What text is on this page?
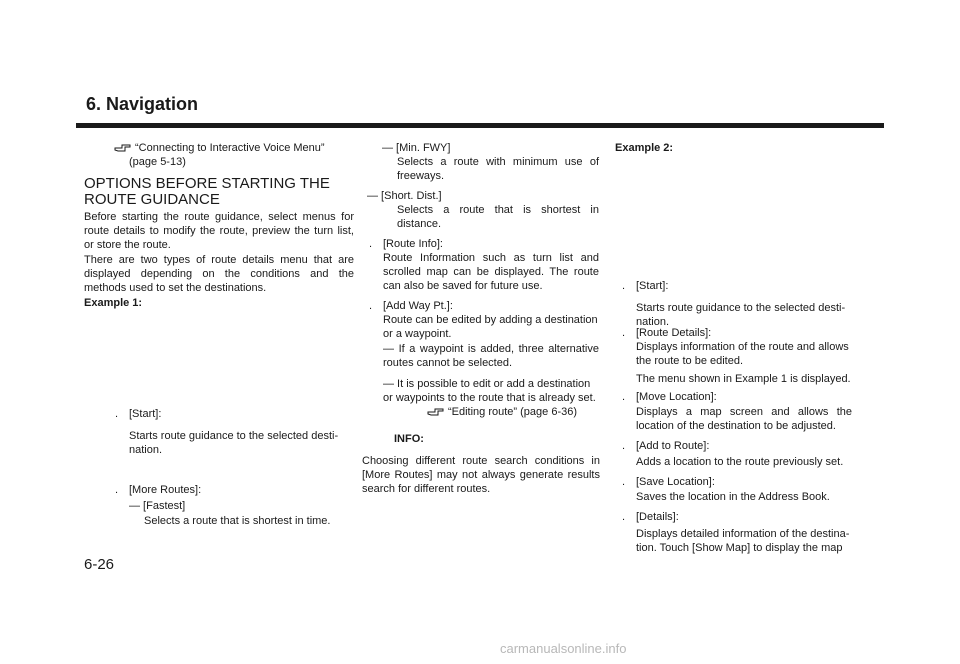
6. Navigation
“Connecting to Interactive Voice Menu”
(page 5-13)
OPTIONS BEFORE STARTING THE
ROUTE GUIDANCE

Before starting the route guidance, select menus for route details to modify the route, preview the turn list, or store the route.

There are two types of route details menu that are displayed depending on the conditions and the methods used to set the destinations.

Example 1:
. [Start]:
Starts route guidance to the selected desti-nation.
. [More Routes]:
— [Fastest]
Selects a route that is shortest in time.
— [Min. FWY]
Selects a route with minimum use of freeways.
— [Short. Dist.]
Selects a route that is shortest in distance.
. [Route Info]:
Route Information such as turn list and scrolled map can be displayed. The route can also be saved for future use.
. [Add Way Pt.]:
Route can be edited by adding a destination or a waypoint.
— If a waypoint is added, three alternative routes cannot be selected.
— It is possible to edit or add a destination or waypoints to the route that is already set.
“Editing route” (page 6-36)
INFO:

Choosing different route search conditions in [More Routes] may not always generate results search for different routes.

Example 2:
. [Start]:
Starts route guidance to the selected desti-nation.
. [Route Details]:
Displays information of the route and allows the route to be edited.
The menu shown in Example 1 is displayed.
. [Move Location]:
Displays a map screen and allows the location of the destination to be adjusted.
. [Add to Route]:
Adds a location to the route previously set.
. [Save Location]:
Saves the location in the Address Book.
. [Details]:
Displays detailed information of the destina-tion. Touch [Show Map] to display the map
6-26
carmanualsonline.info
